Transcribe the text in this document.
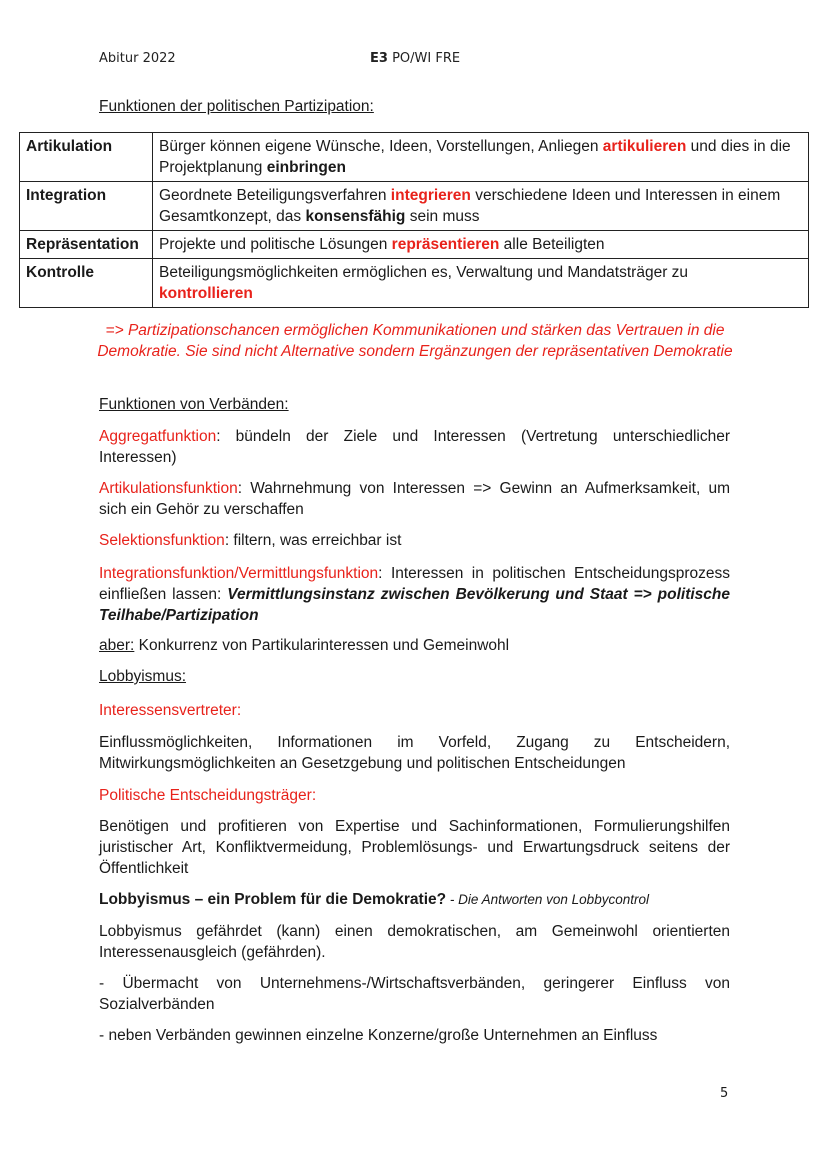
Abitur 2022	E3 PO/WI FRE
Funktionen der politischen Partizipation:
Artikulation	Bürger können eigene Wünsche, Ideen, Vorstellungen, Anliegen artikulieren und dies in die Projektplanung einbringen
Integration	Geordnete Beteiligungsverfahren integrieren verschiedene Ideen und Interessen in einem Gesamtkonzept, das konsensfähig sein muss
Repräsentation	Projekte und politische Lösungen repräsentieren alle Beteiligten
Kontrolle	Beteiligungsmöglichkeiten ermöglichen es, Verwaltung und Mandatsträger zu
kontrollieren
=> Partizipationschancen ermöglichen Kommunikationen und stärken das Vertrauen in die Demokratie. Sie sind nicht Alternative sondern Ergänzungen der repräsentativen Demokratie
Funktionen von Verbänden:

Aggregatfunktion: bündeln der Ziele und Interessen (Vertretung unterschiedlicher Interessen)

Artikulationsfunktion: Wahrnehmung von Interessen => Gewinn an Aufmerksamkeit, um sich ein Gehör zu verschaffen

Selektionsfunktion: filtern, was erreichbar ist

Integrationsfunktion/Vermittlungsfunktion: Interessen in politischen Entscheidungsprozess einfließen lassen: Vermittlungsinstanz zwischen Bevölkerung und Staat => politische Teilhabe/Partizipation

aber: Konkurrenz von Partikularinteressen und Gemeinwohl

Lobbyismus:
Interessensvertreter:
Einflussmöglichkeiten, Informationen im Vorfeld, Zugang zu Entscheidern, Mitwirkungsmöglichkeiten an Gesetzgebung und politischen Entscheidungen
Politische Entscheidungsträger:
Benötigen und profitieren von Expertise und Sachinformationen, Formulierungshilfen juristischer Art, Konfliktvermeidung, Problemlösungs- und Erwartungsdruck seitens der Öffentlichkeit
Lobbyismus – ein Problem für die Demokratie? - Die Antworten von Lobbycontrol
Lobbyismus gefährdet (kann) einen demokratischen, am Gemeinwohl orientierten Interessenausgleich (gefährden).
- Übermacht von Unternehmens-/Wirtschaftsverbänden, geringerer Einfluss von Sozialverbänden
- neben Verbänden gewinnen einzelne Konzerne/große Unternehmen an Einfluss
5
